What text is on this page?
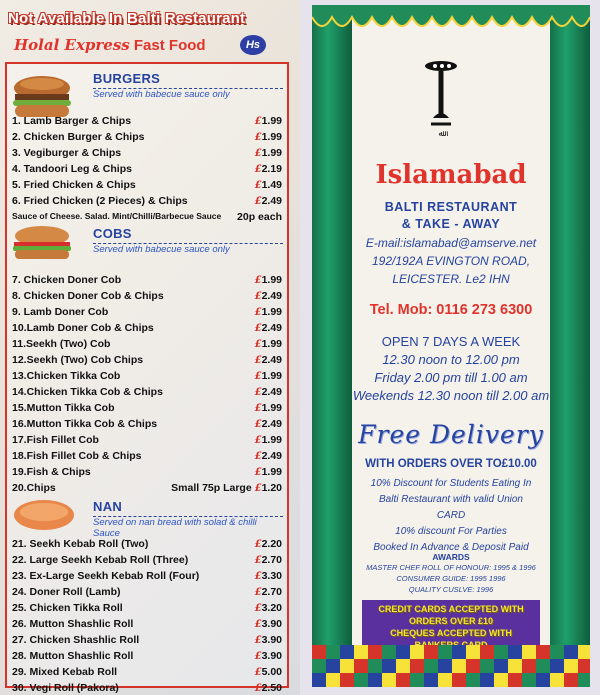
Not Available In Balti Restaurant
Holal Express Fast Food	Hs
BURGERS
Served with babecue sauce only
1. Lamb Barger & Chips	£1.99
2. Chicken Burger & Chips	£1.99
3. Vegiburger & Chips	£1.99
4. Tandoori Leg & Chips	£2.19
5. Fried Chicken & Chips	£1.49
6. Fried Chicken (2 Pieces) & Chips	£2.49
Sauce of Cheese. Salad. Mint/Chilli/Barbecue Sauce 20p each
COBS
Served with babecue sauce only
7. Chicken Doner Cob	£1.99
8. Chicken Doner Cob & Chips	£2.49
9. Lamb Doner Cob	£1.99
10.Lamb Doner Cob & Chips	£2.49
11.Seekh (Two) Cob	£1.99
12.Seekh (Two) Cob Chips	£2.49
13.Chicken Tikka Cob	£1.99
14.Chicken Tikka Cob & Chips	£2.49
15.Mutton Tikka Cob	£1.99
16.Mutton Tikka Cob & Chips	£2.49
17.Fish Fillet Cob	£1.99
18.Fish Fillet Cob & Chips	£2.49
19.Fish & Chips	£1.99
20.Chips	Small 75p Large £1.20
NAN
Served on nan bread with solad & chilli Sauce
21. Seekh Kebab Roll (Two)	£2.20
22. Large Seekh Kebab Roll (Three)	£2.70
23. Ex-Large Seekh Kebab Roll (Four)	£3.30
24. Doner Roll (Lamb)	£2.70
25. Chicken Tikka Roll	£3.20
26. Mutton Shashlic Roll	£3.90
27. Chicken Shashlic Roll	£3.90
28. Mutton Shashlic Roll	£3.90
29. Mixed Kebab Roll	£5.00
30. Vegi Roll (Pakora)	£2.50
ﷲ
Islamabad
BALTI RESTAURANT
& TAKE - AWAY
E-mail:islamabad@amserve.net
192/192A EVINGTON ROAD,
LEICESTER. Le2 IHN
Tel. Mob: 0116 273 6300
OPEN 7 DAYS A WEEK
12.30 noon to 12.00 pm
Friday 2.00 pm till 1.00 am
Weekends 12.30 noon till 2.00 am
Free Delivery
WITH ORDERS OVER TO£10.00
10% Discount for Students Eating In
Balti Restaurant with valid Union
CARD
10% discount For Parties
Booked In Advance & Deposit Paid
AWARDS
MASTER CHEF ROLL OF HONOUR: 1995 & 1996
CONSUMER GUIDE: 1995 1996
QUALITY CUSLVE: 1996
CREDIT CARDS ACCEPTED WITH
ORDERS OVER £10
CHEQUES ACCEPTED WITH
